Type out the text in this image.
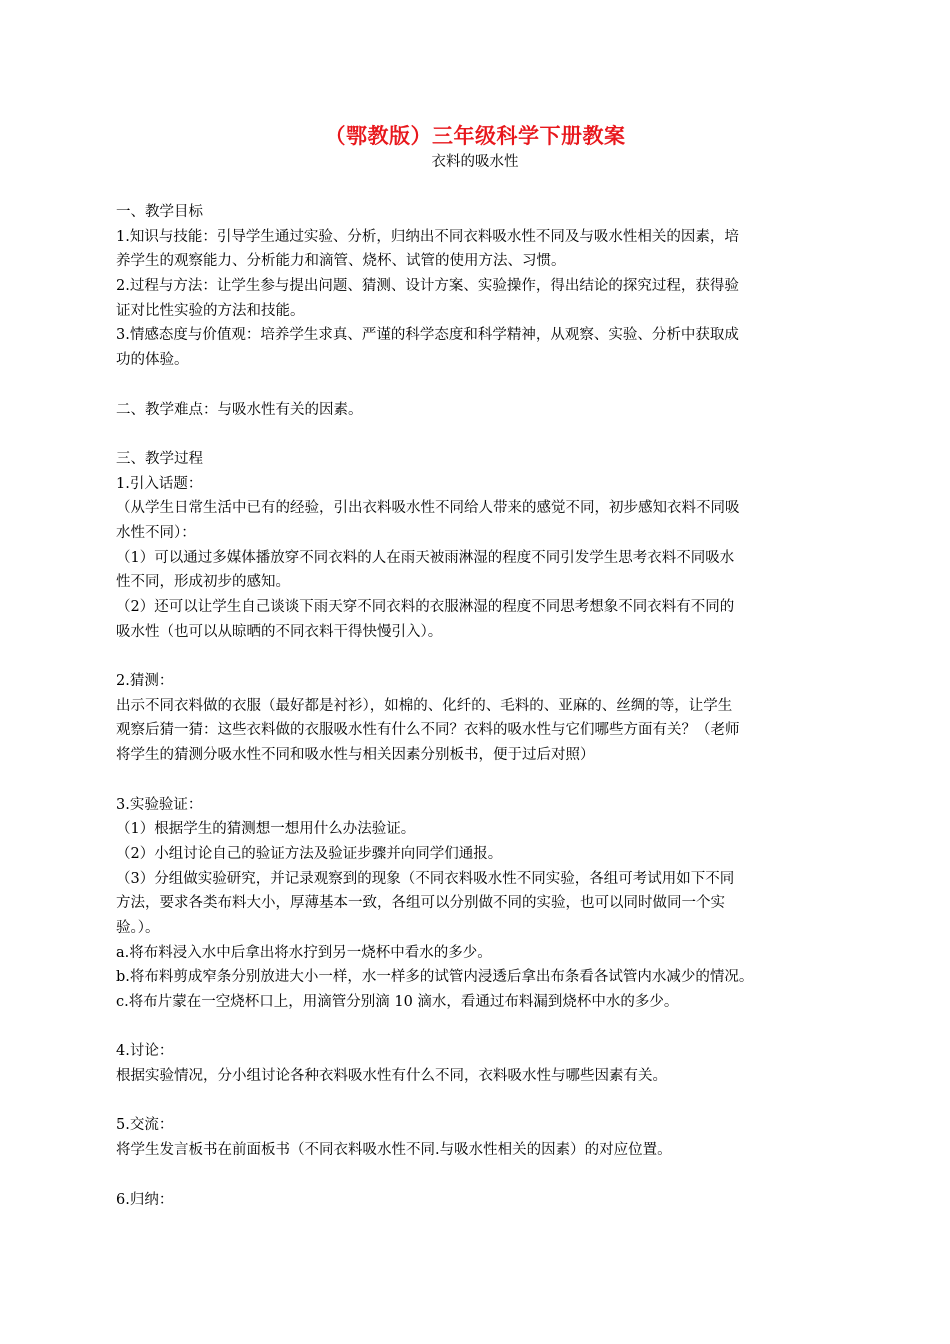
（鄂教版）三年级科学下册教案
衣料的吸水性
一、教学目标
1.知识与技能：引导学生通过实验、分析，归纳出不同衣料吸水性不同及与吸水性相关的因素，培
养学生的观察能力、分析能力和滴管、烧杯、试管的使用方法、习惯。
2.过程与方法：让学生参与提出问题、猜测、设计方案、实验操作，得出结论的探究过程，获得验
证对比性实验的方法和技能。
3.情感态度与价值观：培养学生求真、严谨的科学态度和科学精神，从观察、实验、分析中获取成
功的体验。
二、教学难点：与吸水性有关的因素。
三、教学过程
1.引入话题：
（从学生日常生活中已有的经验，引出衣料吸水性不同给人带来的感觉不同，初步感知衣料不同吸
水性不同）：
（1）可以通过多媒体播放穿不同衣料的人在雨天被雨淋湿的程度不同引发学生思考衣料不同吸水
性不同，形成初步的感知。
（2）还可以让学生自己谈谈下雨天穿不同衣料的衣服淋湿的程度不同思考想象不同衣料有不同的
吸水性（也可以从晾晒的不同衣料干得快慢引入）。
2.猜测：
出示不同衣料做的衣服（最好都是衬衫），如棉的、化纤的、毛料的、亚麻的、丝绸的等，让学生
观察后猜一猜：这些衣料做的衣服吸水性有什么不同？衣料的吸水性与它们哪些方面有关？（老师
将学生的猜测分吸水性不同和吸水性与相关因素分别板书，便于过后对照）
3.实验验证：
（1）根据学生的猜测想一想用什么办法验证。
（2）小组讨论自己的验证方法及验证步骤并向同学们通报。
（3）分组做实验研究，并记录观察到的现象（不同衣料吸水性不同实验，各组可考试用如下不同
方法，要求各类布料大小，厚薄基本一致，各组可以分别做不同的实验，也可以同时做同一个实
验。）。
a.将布料浸入水中后拿出将水拧到另一烧杯中看水的多少。
b.将布料剪成窄条分别放进大小一样，水一样多的试管内浸透后拿出布条看各试管内水减少的情况。
c.将布片蒙在一空烧杯口上，用滴管分别滴 10 滴水，看通过布料漏到烧杯中水的多少。
4.讨论：
根据实验情况，分小组讨论各种衣料吸水性有什么不同，衣料吸水性与哪些因素有关。
5.交流：
将学生发言板书在前面板书（不同衣料吸水性不同.与吸水性相关的因素）的对应位置。
6.归纳：
